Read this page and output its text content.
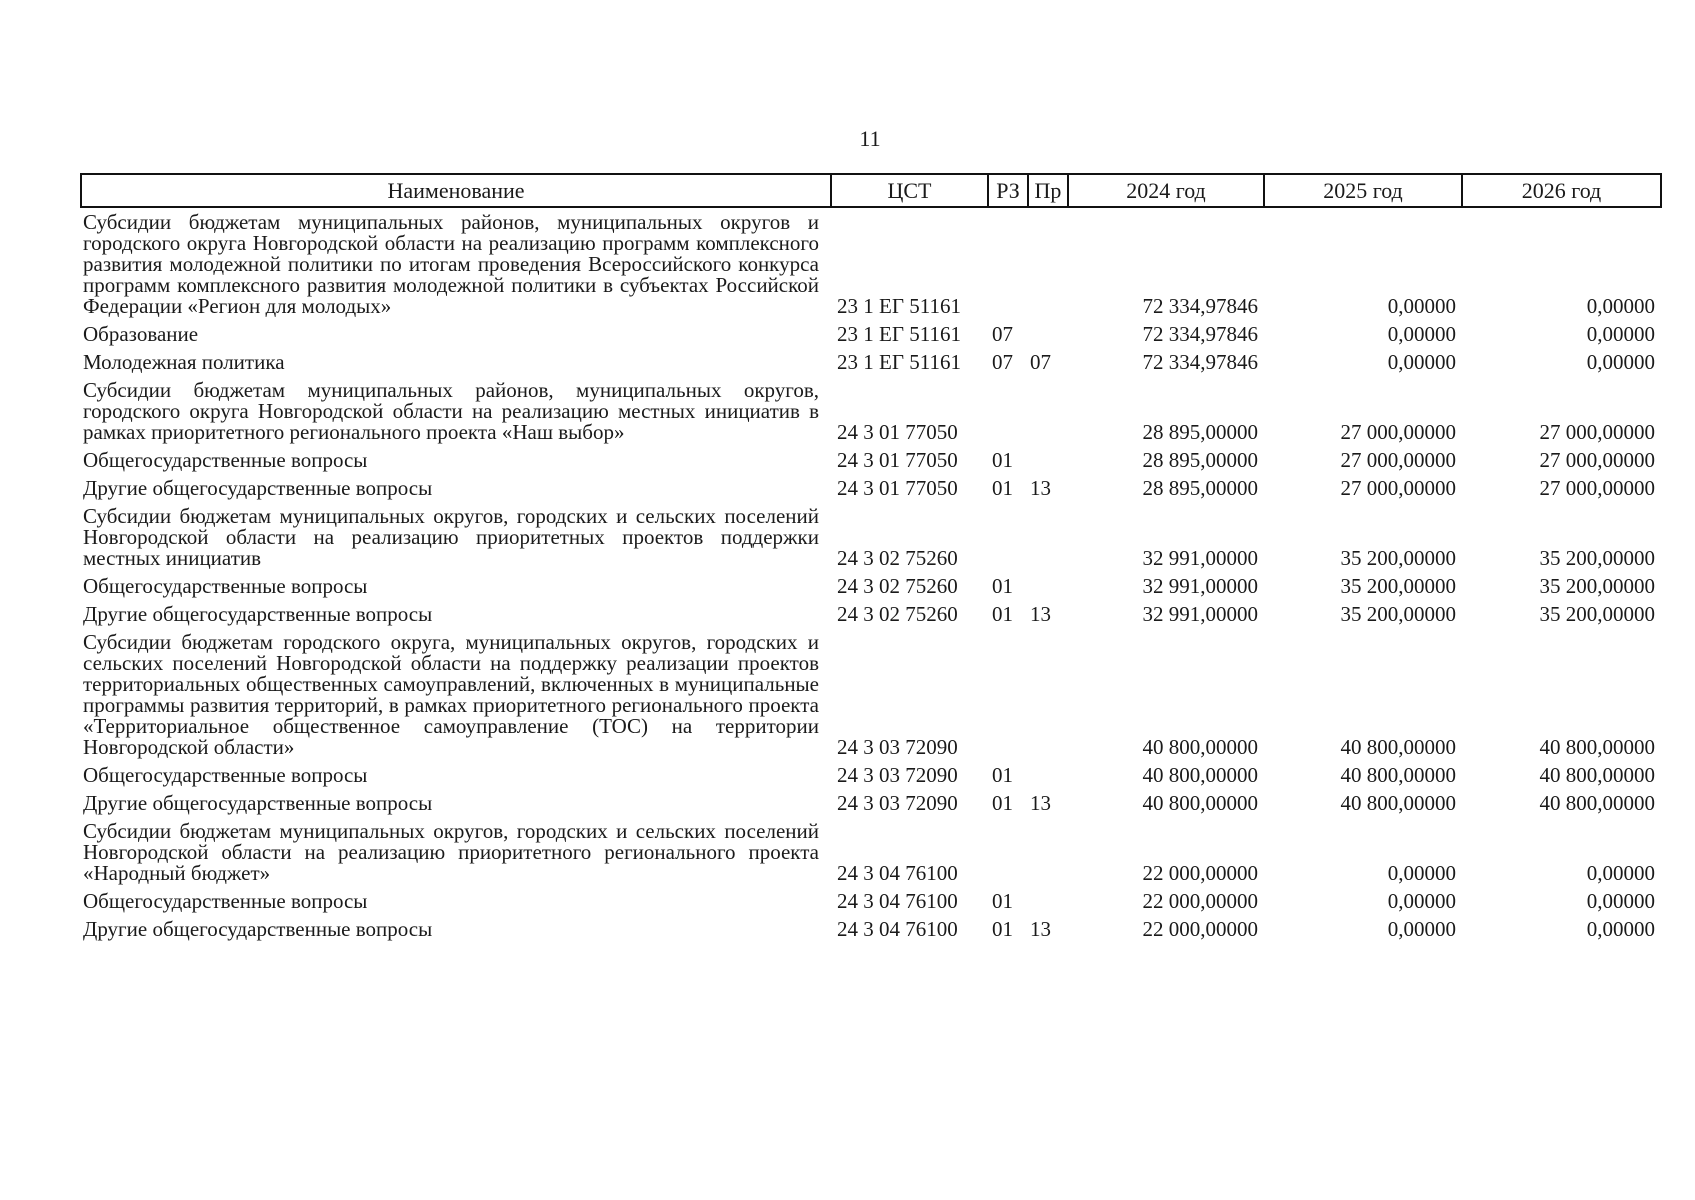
11
Наименование	ЦСТ	РЗ	Пр	2024 год	2025 год	2026 год
Субсидии бюджетам муниципальных районов, муниципальных округов и городского округа Новгородской области на реализацию программ комплексного развития молодежной политики по итогам проведения Всероссийского конкурса программ комплексного развития молодежной политики в субъектах Российской Федерации «Регион для молодых»	23 1 ЕГ 51161			72 334,97846	0,00000	0,00000
Образование	23 1 ЕГ 51161	07		72 334,97846	0,00000	0,00000
Молодежная политика	23 1 ЕГ 51161	07	07	72 334,97846	0,00000	0,00000
Субсидии бюджетам муниципальных районов, муниципальных округов, городского округа Новгородской области на реализацию местных инициатив в рамках приоритетного регионального проекта «Наш выбор»	24 3 01 77050			28 895,00000	27 000,00000	27 000,00000
Общегосударственные вопросы	24 3 01 77050	01		28 895,00000	27 000,00000	27 000,00000
Другие общегосударственные вопросы	24 3 01 77050	01	13	28 895,00000	27 000,00000	27 000,00000
Субсидии бюджетам муниципальных округов, городских и сельских поселений Новгородской области на реализацию приоритетных проектов поддержки местных инициатив	24 3 02 75260			32 991,00000	35 200,00000	35 200,00000
Общегосударственные вопросы	24 3 02 75260	01		32 991,00000	35 200,00000	35 200,00000
Другие общегосударственные вопросы	24 3 02 75260	01	13	32 991,00000	35 200,00000	35 200,00000
Субсидии бюджетам городского округа, муниципальных округов, городских и сельских поселений Новгородской области на поддержку реализации проектов территориальных общественных самоуправлений, включенных в муниципальные программы развития территорий, в рамках приоритетного регионального проекта «Территориальное общественное самоуправление (ТОС) на территории Новгородской области»	24 3 03 72090			40 800,00000	40 800,00000	40 800,00000
Общегосударственные вопросы	24 3 03 72090	01		40 800,00000	40 800,00000	40 800,00000
Другие общегосударственные вопросы	24 3 03 72090	01	13	40 800,00000	40 800,00000	40 800,00000
Субсидии бюджетам муниципальных округов, городских и сельских поселений Новгородской области на реализацию приоритетного регионального проекта «Народный бюджет»	24 3 04 76100			22 000,00000	0,00000	0,00000
Общегосударственные вопросы	24 3 04 76100	01		22 000,00000	0,00000	0,00000
Другие общегосударственные вопросы	24 3 04 76100	01	13	22 000,00000	0,00000	0,00000
